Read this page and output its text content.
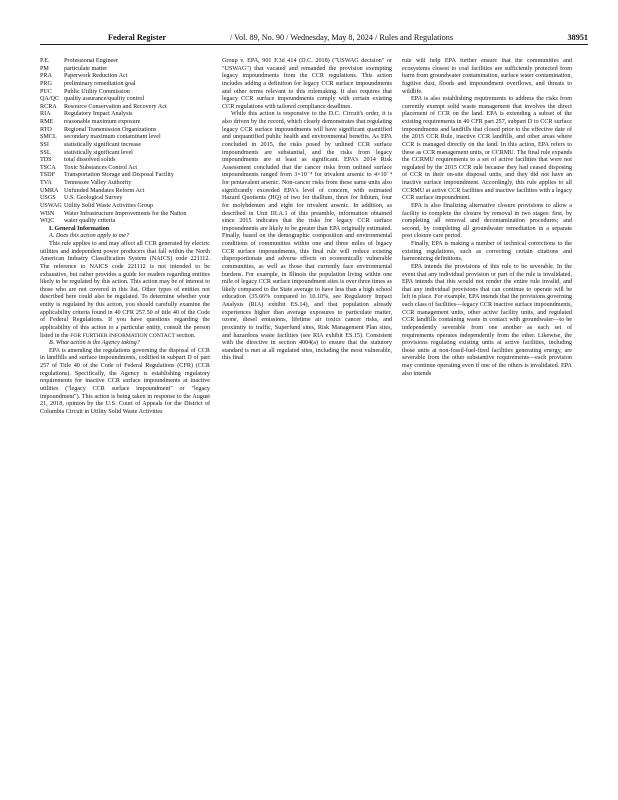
Federal Register	/ Vol. 89, No. 90 / Wednesday, May 8, 2024 / Rules and Regulations	38951
P.E.	Professional Engineer
PM	particulate matter
PRA	Paperwork Reduction Act
PRG	preliminary remediation goal
PUC	Public Utility Commission
QA/QC quality assurance/quality control
RCRA	Resource Conservation and Recovery Act
RIA	Regulatory Impact Analysis
RME	reasonable maximum exposure
RTO	Regional Transmission Organizations
SMCL	secondary maximum contaminant level
SSI	statistically significant increase
SSL	statistically significant level
TDS	total dissolved solids
TSCA	Toxic Substances Control Act
TSDF	Transportation Storage and Disposal Facility
TVA	Tennessee Valley Authority
UMRA Unfunded Mandates Reform Act
USGS	U.S. Geological Survey
USWAG Utility Solid Waste Activities Group
WIIN	Water Infrastructure Improvements for the Nation
WQC	water quality criteria

I. General Information

A. Does this action apply to me?

This rule applies to and may affect all CCR generated by electric utilities and independent power producers that fall within the North American Industry Classification System (NAICS) code 221112. The reference to NAICS code 221112 is not intended to be exhaustive, but rather provides a guide for readers regarding entities likely to be regulated by this action. This action may be of interest to those who are not covered in this list. Other types of entities not described here could also be regulated. To determine whether your entity is regulated by this action, you should carefully examine the applicability criteria found in 40 CFR 257.50 of title 40 of the Code of Federal Regulations. If you have questions regarding the applicability of this action to a particular entity, consult the person listed in the FOR FURTHER INFORMATION CONTACT section.

B. What action is the Agency taking?

EPA is amending the regulations governing the disposal of CCR in landfills and surface impoundments, codified in subpart D of part 257 of Title 40 of the Code of Federal Regulations (CFR) (CCR regulations). Specifically, the Agency is establishing regulatory requirements for inactive CCR surface impoundments at inactive utilities ("legacy CCR surface impoundment" or "legacy impoundment"). This action is being taken in response to the August 21, 2018, opinion by the U.S. Court of Appeals for the District of Columbia Circuit in Utility Solid Waste Activities

Group v. EPA, 901 F.3d 414 (D.C. 2018) ("USWAG decision" or "USWAG") that vacated and remanded the provision exempting legacy impoundments from the CCR regulations. This action includes adding a definition for legacy CCR surface impoundments and other terms relevant to this rulemaking. It also requires that legacy CCR surface impoundments comply with certain existing CCR regulations with tailored compliance deadlines.

While this action is responsive to the D.C. Circuit's order, it is also driven by the record, which clearly demonstrates that regulating legacy CCR surface impoundments will have significant quantified and unquantified public health and environmental benefits. As EPA concluded in 2015, the risks posed by unlined CCR surface impoundments are substantial, and the risks from legacy impoundments are at least as significant. EPA's 2014 Risk Assessment concluded that the cancer risks from unlined surface impoundments ranged from 3×10⁻⁴ for trivalent arsenic to 4×10⁻⁴ for pentavalent arsenic. Non-cancer risks from these same units also significantly exceeded EPA's level of concern, with estimated Hazard Quotients (HQ) of two for thallium, three for lithium, four for molybdenum and eight for trivalent arsenic. In addition, as described in Unit III.A.1 of this preamble, information obtained since 2015 indicates that the risks for legacy CCR surface impoundments are likely to be greater than EPA originally estimated. Finally, based on the demographic composition and environmental conditions of communities within one and three miles of legacy CCR surface impoundments, this final rule will reduce existing disproportionate and adverse effects on economically vulnerable communities, as well as those that currently face environmental burdens. For example, in Illinois the population living within one mile of legacy CCR surface impoundment sites is over three times as likely compared to the State average to have less than a high school education (35.66% compared to 10.10%, see Regulatory Impact Analysis (RIA) exhibit ES.14), and that population already experiences higher than average exposures to particulate matter, ozone, diesel emissions, lifetime air toxics cancer risks, and proximity to traffic, Superfund sites, Risk Management Plan sites, and hazardous waste facilities (see RIA exhibit ES.15). Consistent with the directive in section 4004(a) to ensure that the statutory standard is met at all regulated sites, including the most vulnerable, this final

rule will help EPA further ensure that the communities and ecosystems closest to coal facilities are sufficiently protected from harm from groundwater contamination, surface water contamination, fugitive dust, floods and impoundment overflows, and threats to wildlife.

EPA is also establishing requirements to address the risks from currently exempt solid waste management that involves the direct placement of CCR on the land. EPA is extending a subset of the existing requirements in 40 CFR part 257, subpart D to CCR surface impoundments and landfills that closed prior to the effective date of the 2015 CCR Rule, inactive CCR landfills, and other areas where CCR is managed directly on the land. In this action, EPA refers to these as CCR management units, or CCRMU. The final rule expands the CCRMU requirements to a set of active facilities that were not regulated by the 2015 CCR rule because they had ceased disposing of CCR in their on-site disposal units, and they did not have an inactive surface impoundment. Accordingly, this rule applies to all CCRMU at active CCR facilities and inactive facilities with a legacy CCR surface impoundment.

EPA is also finalizing alternative closure provisions to allow a facility to complete the closure by removal in two stages: first, by completing all removal and decontamination procedures; and second, by completing all groundwater remediation in a separate post closure care period.

Finally, EPA is making a number of technical corrections to the existing regulations, such as correcting certain citations and harmonizing definitions.

EPA intends the provisions of this rule to be severable. In the event that any individual provision or part of the rule is invalidated, EPA intends that this would not render the entire rule invalid, and that any individual provisions that can continue to operate will be left in place. For example, EPA intends that the provisions governing each class of facilities—legacy CCR inactive surface impoundments, CCR management units, other active facility units, and regulated CCR landfills containing waste in contact with groundwater—to be independently severable from one another as each set of requirements operates independently from the other. Likewise, the provisions regulating existing units at active facilities, including those units at non-fossil-fuel-fired facilities generating energy, are severable from the other substantive requirements—each provision may continue operating even if one of the others is invalidated. EPA also intends
